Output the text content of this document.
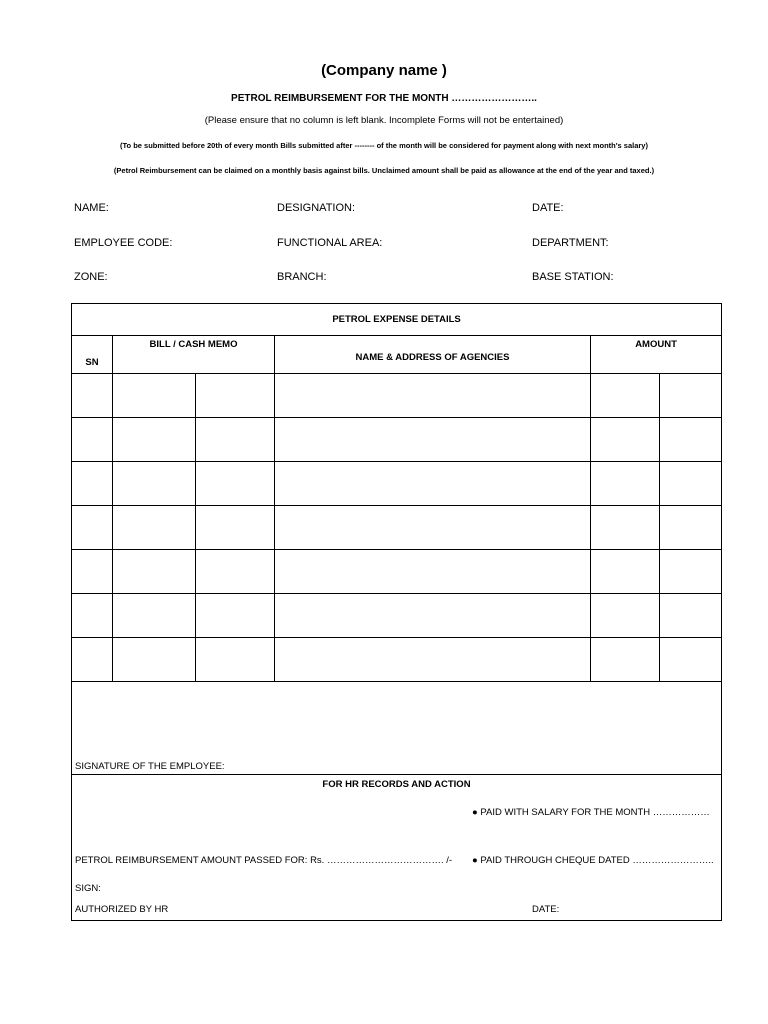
(Company name )
PETROL REIMBURSEMENT FOR THE MONTH ……………………..
(Please ensure that no column is left blank. Incomplete Forms will not be entertained)
(To be submitted before 20th of every month Bills submitted after -------- of the month will be considered for payment along with next month's salary)
(Petrol Reimbursement can be claimed on a monthly basis against bills. Unclaimed amount shall be paid as allowance at the end of the year and taxed.)
NAME:	DESIGNATION:	DATE:
EMPLOYEE CODE:	FUNCTIONAL AREA:	DEPARTMENT:
ZONE:	BRANCH:	BASE STATION:
PETROL EXPENSE DETAILS					
SN	BILL / CASH MEMO		NAME & ADDRESS OF AGENCIES	AMOUNT	

SIGNATURE OF THE EMPLOYEE:					
FOR HR RECORDS AND ACTION
● PAID WITH SALARY FOR THE MONTH ………………
PETROL REIMBURSEMENT AMOUNT PASSED FOR: Rs. ………………………………. /- ● PAID THROUGH CHEQUE DATED ……………………..
SIGN:
AUTHORIZED BY HR	DATE:
